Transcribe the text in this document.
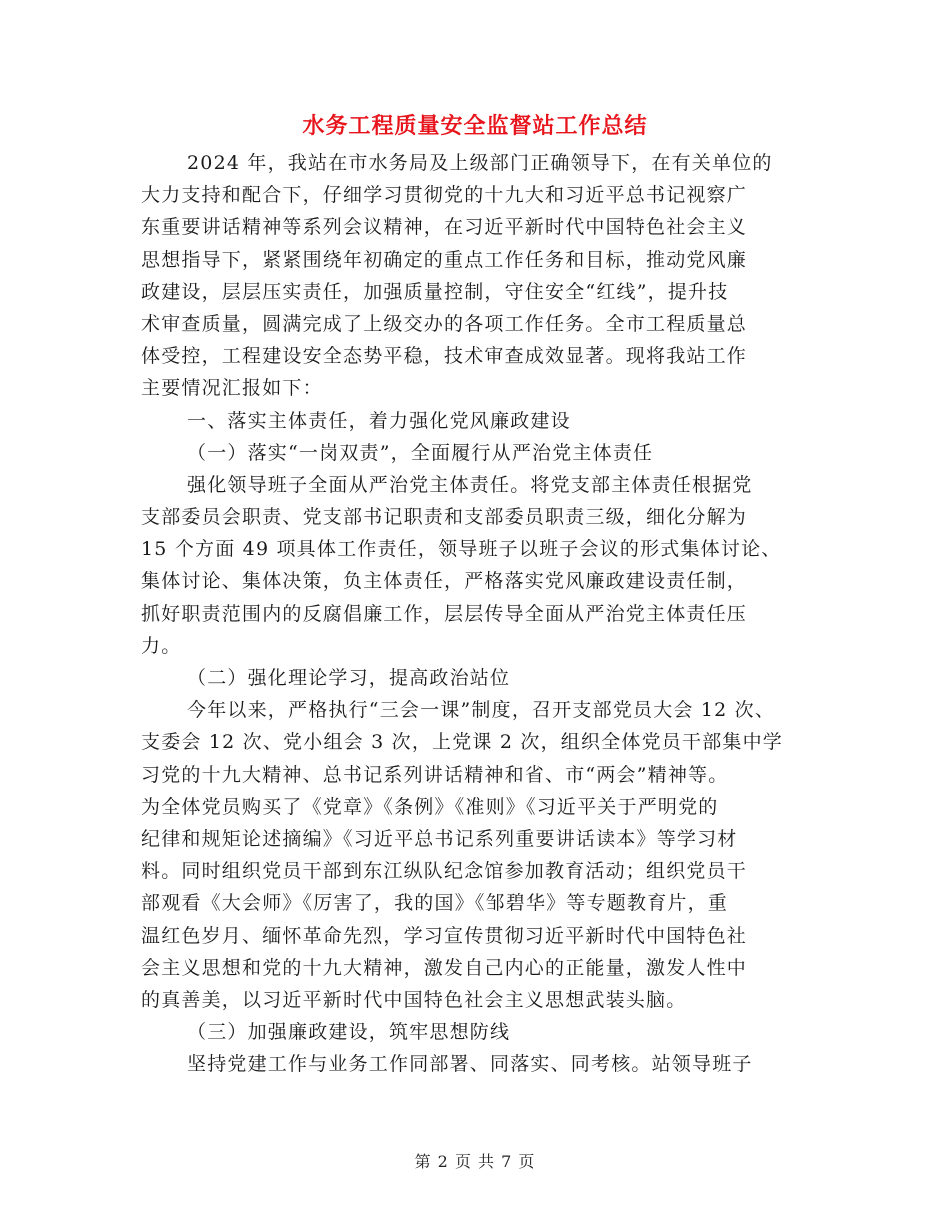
水务工程质量安全监督站工作总结
2024 年，我站在市水务局及上级部门正确领导下，在有关单位的
大力支持和配合下，仔细学习贯彻党的十九大和习近平总书记视察广
东重要讲话精神等系列会议精神，在习近平新时代中国特色社会主义
思想指导下，紧紧围绕年初确定的重点工作任务和目标，推动党风廉
政建设，层层压实责任，加强质量控制，守住安全“红线”，提升技
术审查质量，圆满完成了上级交办的各项工作任务。全市工程质量总
体受控，工程建设安全态势平稳，技术审查成效显著。现将我站工作
主要情况汇报如下：
一、落实主体责任，着力强化党风廉政建设
（一）落实“一岗双责”，全面履行从严治党主体责任
强化领导班子全面从严治党主体责任。将党支部主体责任根据党
支部委员会职责、党支部书记职责和支部委员职责三级，细化分解为
15 个方面 49 项具体工作责任，领导班子以班子会议的形式集体讨论、
集体讨论、集体决策，负主体责任，严格落实党风廉政建设责任制，
抓好职责范围内的反腐倡廉工作，层层传导全面从严治党主体责任压
力。
（二）强化理论学习，提高政治站位
今年以来，严格执行“三会一课”制度，召开支部党员大会 12 次、
支委会 12 次、党小组会 3 次，上党课 2 次，组织全体党员干部集中学
习党的十九大精神、总书记系列讲话精神和省、市“两会”精神等。
为全体党员购买了《党章》《条例》《准则》《习近平关于严明党的
纪律和规矩论述摘编》《习近平总书记系列重要讲话读本》等学习材
料。同时组织党员干部到东江纵队纪念馆参加教育活动；组织党员干
部观看《大会师》《厉害了，我的国》《邹碧华》等专题教育片，重
温红色岁月、缅怀革命先烈，学习宣传贯彻习近平新时代中国特色社
会主义思想和党的十九大精神，激发自己内心的正能量，激发人性中
的真善美，以习近平新时代中国特色社会主义思想武装头脑。
（三）加强廉政建设，筑牢思想防线
坚持党建工作与业务工作同部署、同落实、同考核。站领导班子
第 2 页 共 7 页
